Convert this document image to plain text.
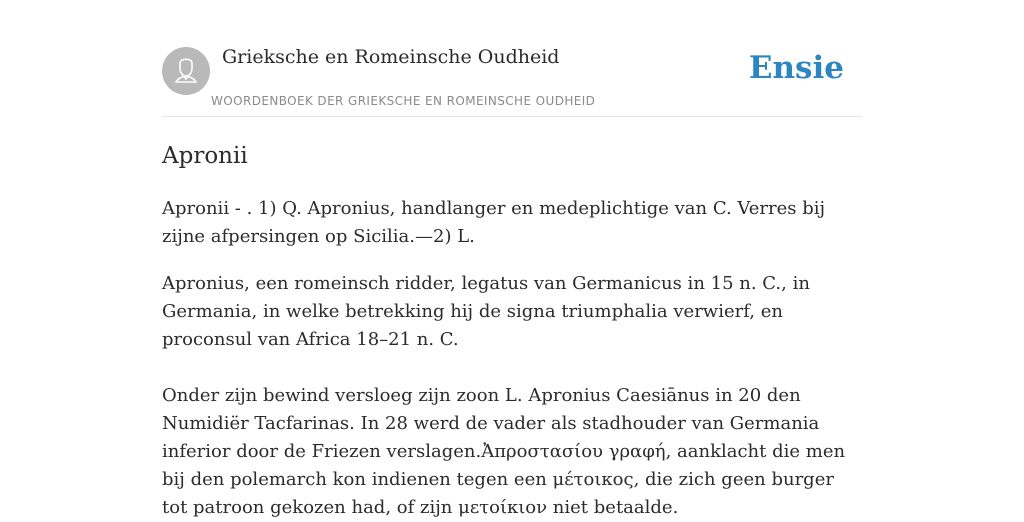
Grieksche en Romeinsche Oudheid
WOORDENBOEK DER GRIEKSCHE EN ROMEINSCHE OUDHEID
Ensie
Apronii

Apronii - . 1) Q. Apronius, handlanger en medeplichtige van C. Verres bij zijne afpersingen op Sicilia.—2) L.

Apronius, een romeinsch ridder, legatus van Germanicus in 15 n. C., in Germania, in welke betrekking hij de signa triumphalia verwierf, en proconsul van Africa 18–21 n. C.

Onder zijn bewind versloeg zijn zoon L. Apronius Caesiānus in 20 den Numidiër Tacfarinas. In 28 werd de vader als stadhouder van Germania inferior door de Friezen verslagen.Ἀπροστασίου γραφή, aanklacht die men bij den polemarch kon indienen tegen een μέτοικος, die zich geen burger tot patroon gekozen had, of zijn μετοίκιον niet betaalde.
